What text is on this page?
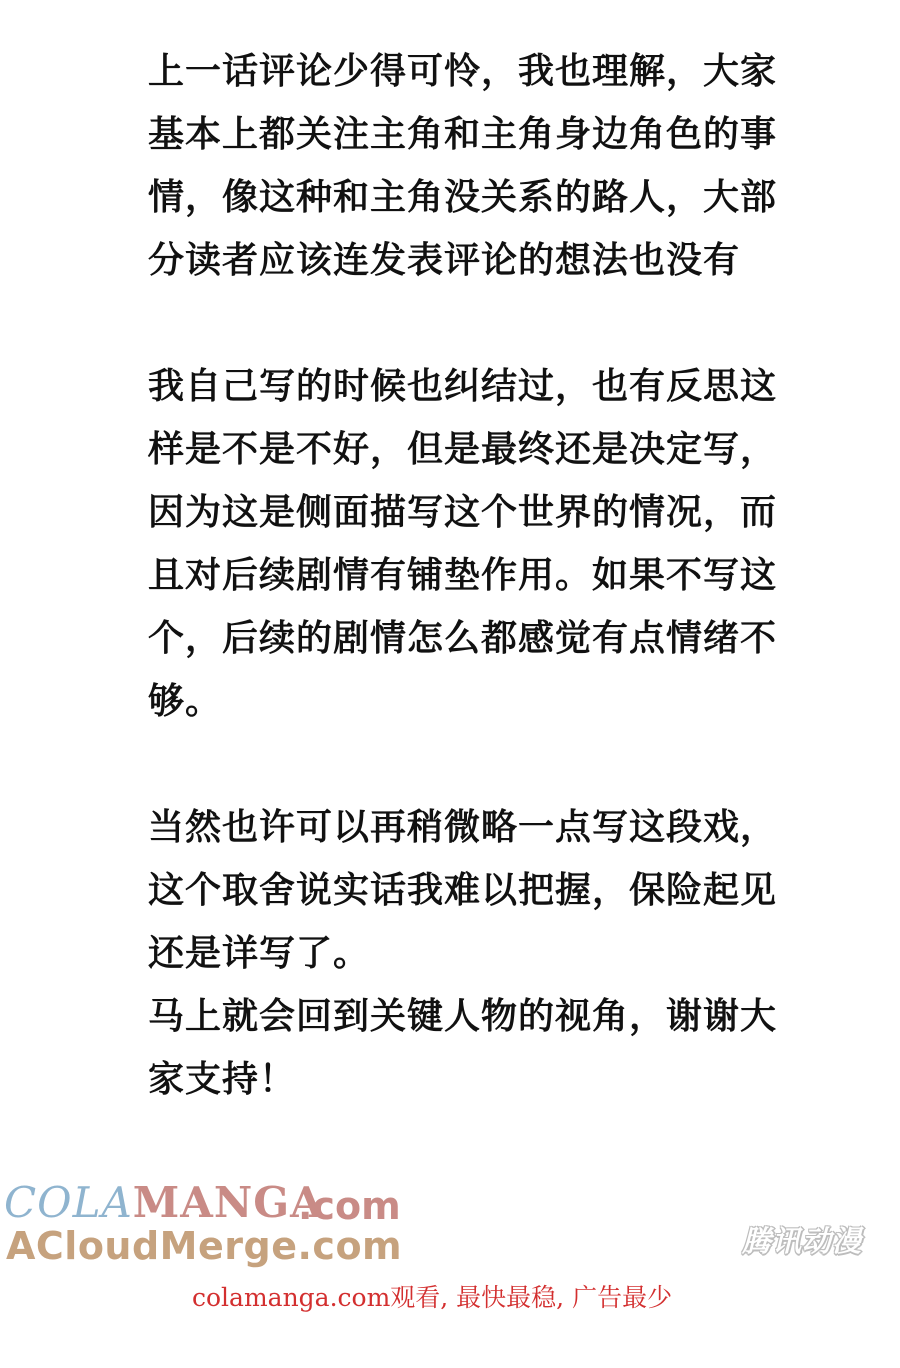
上一话评论少得可怜，我也理解，大家
基本上都关注主角和主角身边角色的事
情，像这种和主角没关系的路人，大部
分读者应该连发表评论的想法也没有

我自己写的时候也纠结过，也有反思这
样是不是不好，但是最终还是决定写，
因为这是侧面描写这个世界的情况，而
且对后续剧情有铺垫作用。如果不写这
个，后续的剧情怎么都感觉有点情绪不
够。

当然也许可以再稍微略一点写这段戏，
这个取舍说实话我难以把握，保险起见
还是详写了。

马上就会回到关键人物的视角，谢谢大
家支持！

COLAMANGA
.com
ACloudMerge.com	腾讯动漫
colamanga.com观看, 最快最稳, 广告最少
